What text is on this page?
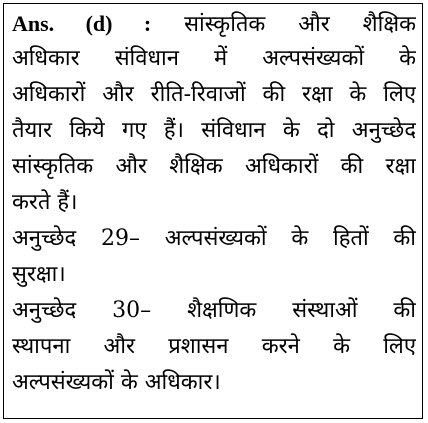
Ans. (d) : सांस्कृतिक और शैक्षिक
अधिकार संविधान में अल्पसंख्यकों के
अधिकारों और रीति-रिवाजों की रक्षा के लिए
तैयार किये गए हैं। संविधान के दो अनुच्छेद
सांस्कृतिक और शैक्षिक अधिकारों की रक्षा
करते हैं।
अनुच्छेद 29– अल्पसंख्यकों के हितों की
सुरक्षा।
अनुच्छेद 30– शैक्षणिक संस्थाओं की
स्थापना और प्रशासन करने के लिए
अल्पसंख्यकों के अधिकार।
